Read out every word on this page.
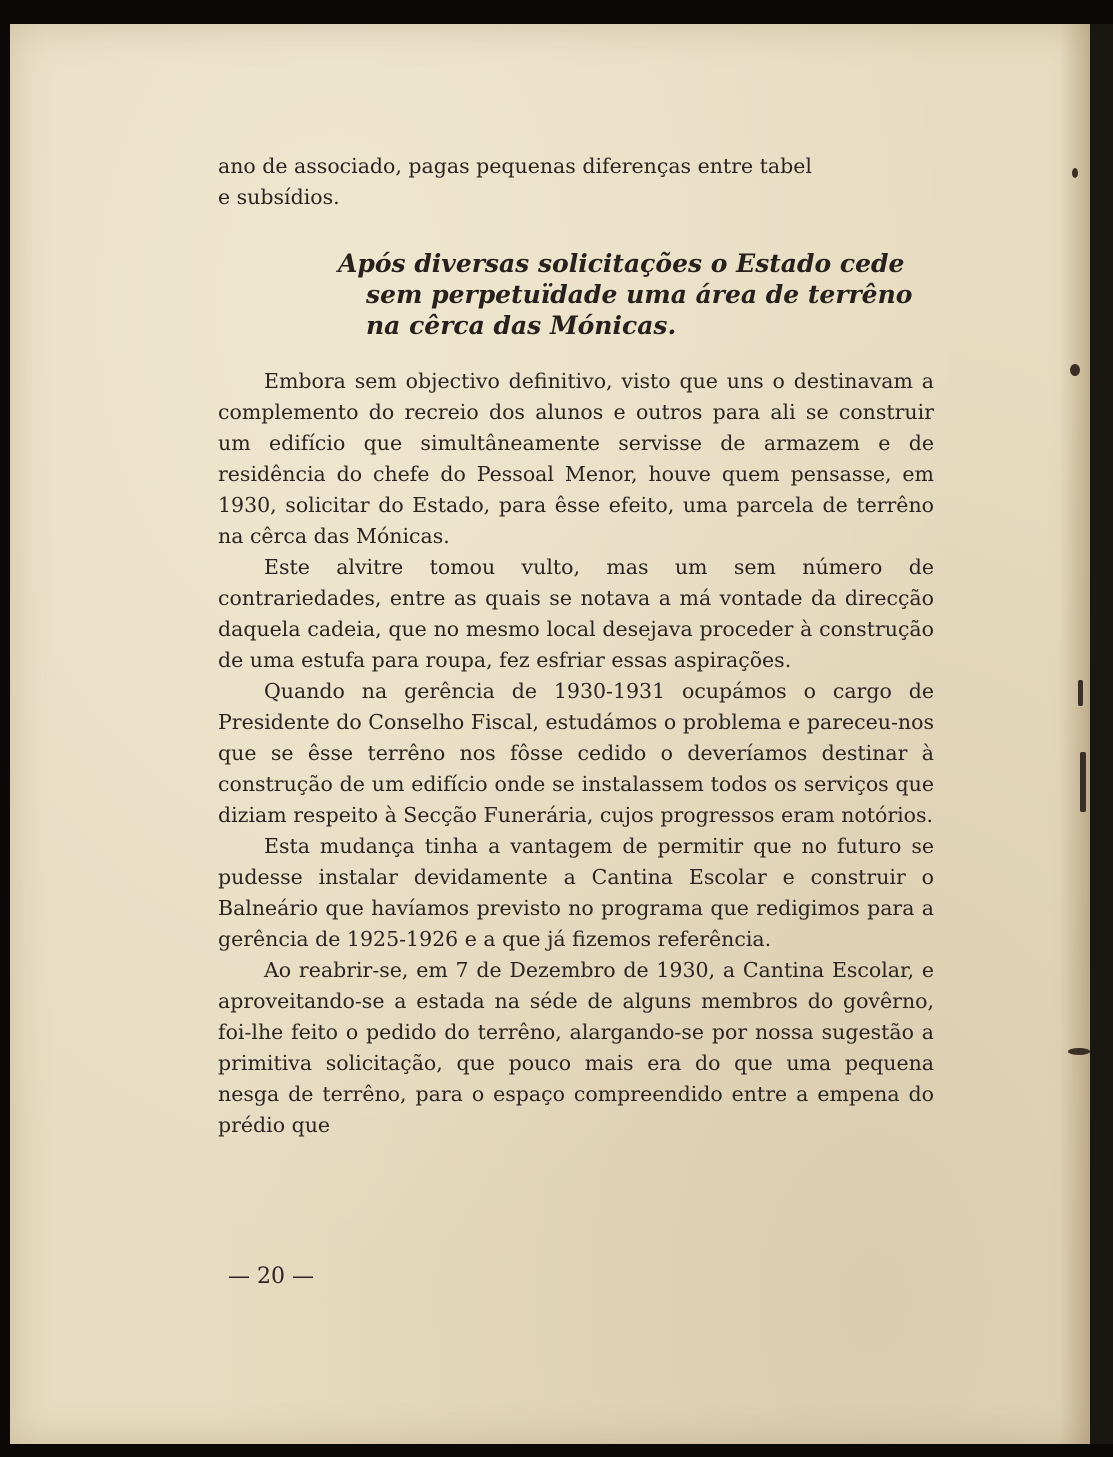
ano de associado, pagas pequenas diferenças entre tabel

e subsídios.

Após diversas solicitações o Estado cede
sem perpetuïdade uma área de terrêno
na cêrca das Mónicas.

Embora sem objectivo definitivo, visto que uns o destinavam a complemento do recreio dos alunos e outros para ali se construir um edifício que simultâneamente servisse de armazem e de residência do chefe do Pessoal Menor, houve quem pensasse, em 1930, solicitar do Estado, para êsse efeito, uma parcela de terrêno na cêrca das Mónicas.

Este alvitre tomou vulto, mas um sem número de contrariedades, entre as quais se notava a má vontade da direcção daquela cadeia, que no mesmo local desejava proceder à construção de uma estufa para roupa, fez esfriar essas aspirações.

Quando na gerência de 1930-1931 ocupámos o cargo de Presidente do Conselho Fiscal, estudámos o problema e pareceu-nos que se êsse terrêno nos fôsse cedido o deveríamos destinar à construção de um edifício onde se instalassem todos os serviços que diziam respeito à Secção Funerária, cujos progressos eram notórios.

Esta mudança tinha a vantagem de permitir que no futuro se pudesse instalar devidamente a Cantina Escolar e construir o Balneário que havíamos previsto no programa que redigimos para a gerência de 1925-1926 e a que já fizemos referência.

Ao reabrir-se, em 7 de Dezembro de 1930, a Cantina Escolar, e aproveitando-se a estada na séde de alguns membros do govêrno, foi-lhe feito o pedido do terrêno, alargando-se por nossa sugestão a primitiva solicitação, que pouco mais era do que uma pequena nesga de terrêno, para o espaço compreendido entre a empena do prédio que

— 20 —
